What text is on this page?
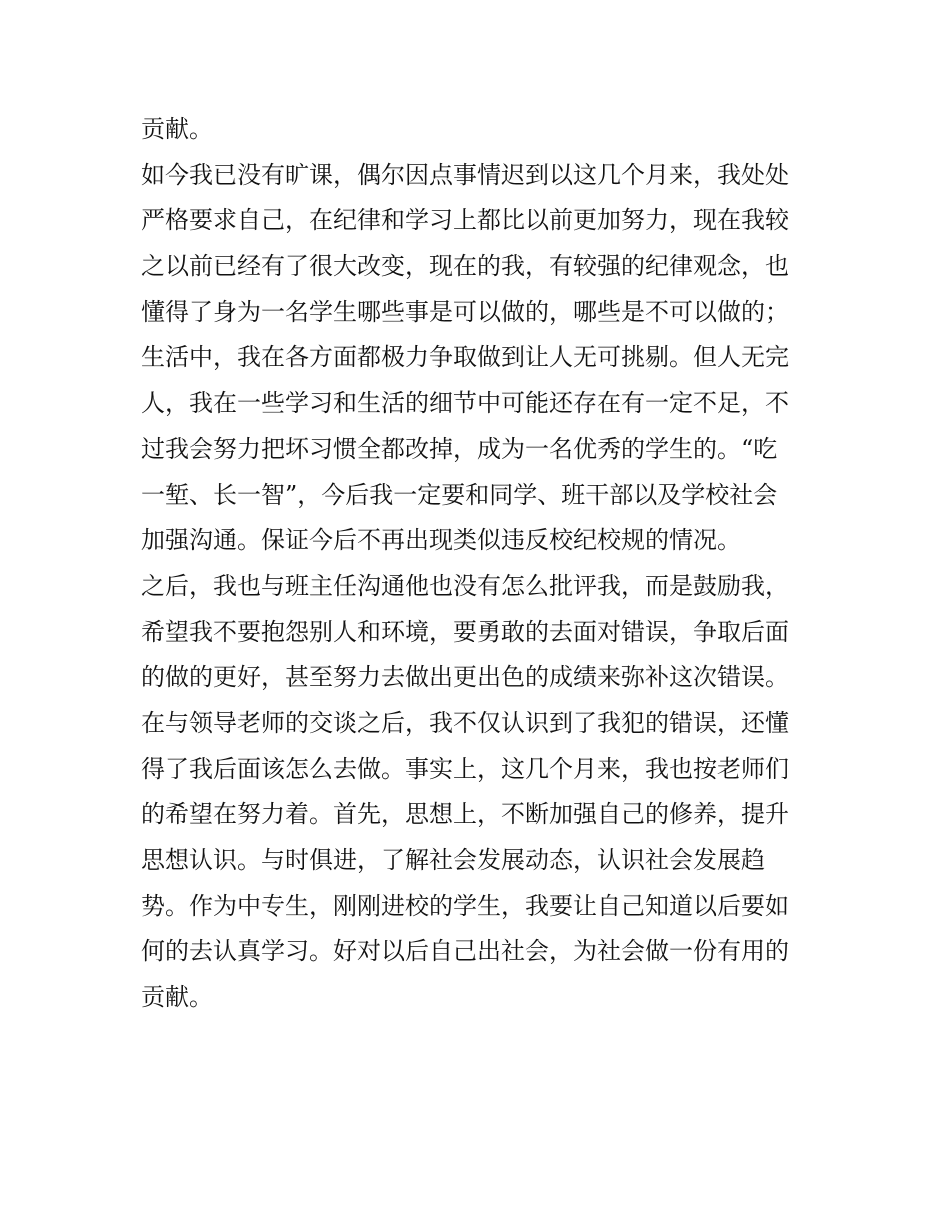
贡献。
如今我已没有旷课，偶尔因点事情迟到以这几个月来，我处处
严格要求自己，在纪律和学习上都比以前更加努力，现在我较
之以前已经有了很大改变，现在的我，有较强的纪律观念，也
懂得了身为一名学生哪些事是可以做的，哪些是不可以做的；
生活中，我在各方面都极力争取做到让人无可挑剔。但人无完
人，我在一些学习和生活的细节中可能还存在有一定不足，不
过我会努力把坏习惯全都改掉，成为一名优秀的学生的。“吃
一堑、长一智”，今后我一定要和同学、班干部以及学校社会
加强沟通。保证今后不再出现类似违反校纪校规的情况。
之后，我也与班主任沟通他也没有怎么批评我，而是鼓励我，
希望我不要抱怨别人和环境，要勇敢的去面对错误，争取后面
的做的更好，甚至努力去做出更出色的成绩来弥补这次错误。
在与领导老师的交谈之后，我不仅认识到了我犯的错误，还懂
得了我后面该怎么去做。事实上，这几个月来，我也按老师们
的希望在努力着。首先，思想上，不断加强自己的修养，提升
思想认识。与时俱进，了解社会发展动态，认识社会发展趋
势。作为中专生，刚刚进校的学生，我要让自己知道以后要如
何的去认真学习。好对以后自己出社会，为社会做一份有用的
贡献。
